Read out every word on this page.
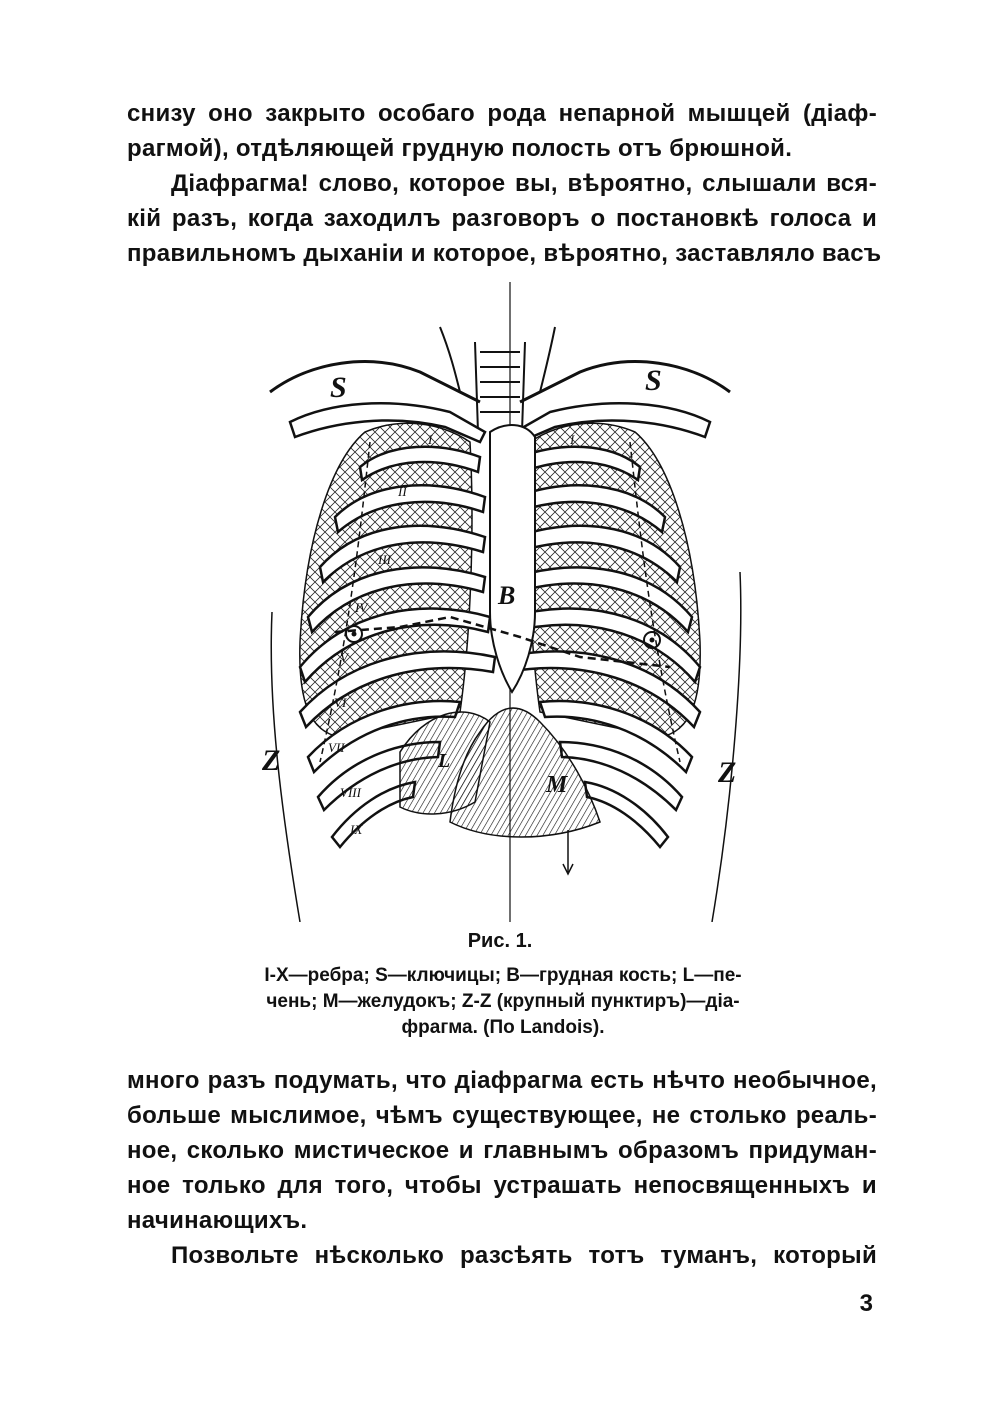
снизу оно закрыто особаго рода непарной мышцей (діаф-
рагмой), отдѣляющей грудную полость отъ брюшной.
Діафрагма! слово, которое вы, вѣроятно, слышали вся-
кій разъ, когда заходилъ разговоръ о постановкѣ голоса и
правильномъ дыханіи и которое, вѣроятно, заставляло васъ
S	S
Z	Z
B
M
L
I
II
III
IV
V
VI
VII
VIII
IX
I
Рис. 1.
I-X—ребра; S—ключицы; B—грудная кость; L—пе-
чень; M—желудокъ; Z-Z (крупный пунктиръ)—діа-
фрагма. (По Landois).
много разъ подумать, что діафрагма есть нѣчто необычное,
больше мыслимое, чѣмъ существующее, не столько реаль-
ное, сколько мистическое и главнымъ образомъ придуман-
ное только для того, чтобы устрашать непосвященныхъ и
начинающихъ.
Позвольте нѣсколько разсѣять тотъ туманъ, который
3
